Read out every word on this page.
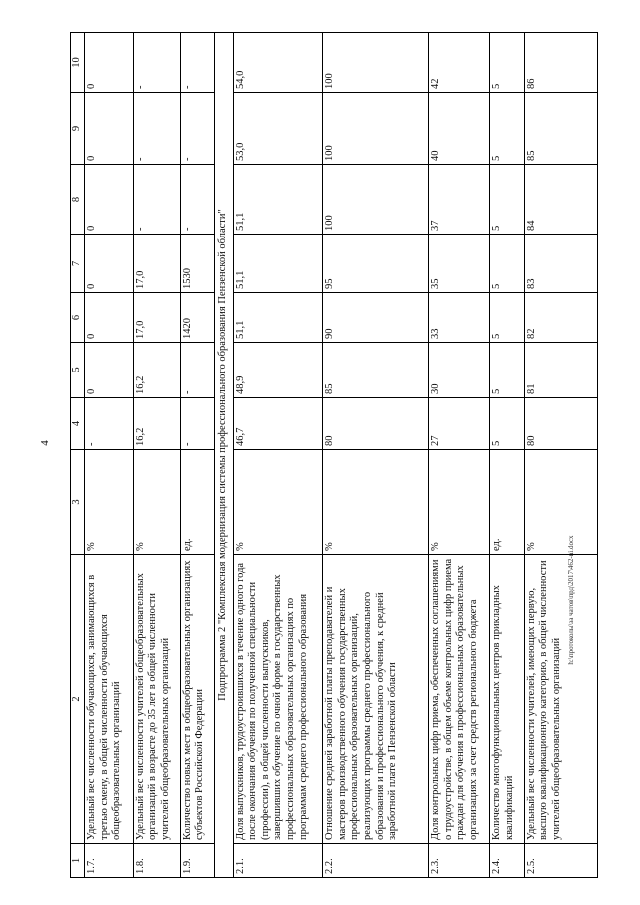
4
h:\протоколы\за чатов\прд\2017\462-ni.docx
1	2	3	4	5	6	7	8	9	10
1.7.	Удельный вес численности обучающихся, занимающихся в третью смену, в общей численности обучающихся общеобразовательных организаций	%	-	0	0	0	0	0	0
1.8.	Удельный вес численности учителей общеобразовательных организаций в возрасте до 35 лет в общей численности учителей общеобразовательных организаций	%	16,2	16,2	17,0	17,0	-	-	-
1.9.	Количество новых мест в общеобразовательных организациях субъектов Российской Федерации	ед.	-	-	1420	1530	-	-	-
Подпрограмма 2 "Комплексная модернизация системы профессионального образования Пензенской области"									
2.1.	Доля выпускников, трудоустроившихся в течение одного года после окончания обучения по полученной специальности (профессии), в общей численности выпускников, завершивших обучение по очной форме в государственных профессиональных образовательных организациях по программам среднего профессионального образования	%	46,7	48,9	51,1	51,1	51,1	53,0	54,0
2.2.	Отношение средней заработной платы преподавателей и мастеров производственного обучения государственных профессиональных образовательных организаций, реализующих программы среднего профессионального образования и профессионального обучения, к средней заработной плате в Пензенской области	%	80	85	90	95	100	100	100
2.3.	Доля контрольных цифр приема, обеспеченных соглашениями о трудоустройстве, в общем объеме контрольных цифр приема граждан для обучения в профессиональных образовательных организациях за счет средств регионального бюджета	%	27	30	33	35	37	40	42
2.4.	Количество многофункциональных центров прикладных квалификаций	ед.	5	5	5	5	5	5	5
2.5.	Удельный вес численности учителей, имеющих первую, высшую квалификационную категорию, в общей численности учителей общеобразовательных организаций	%	80	81	82	83	84	85	86
